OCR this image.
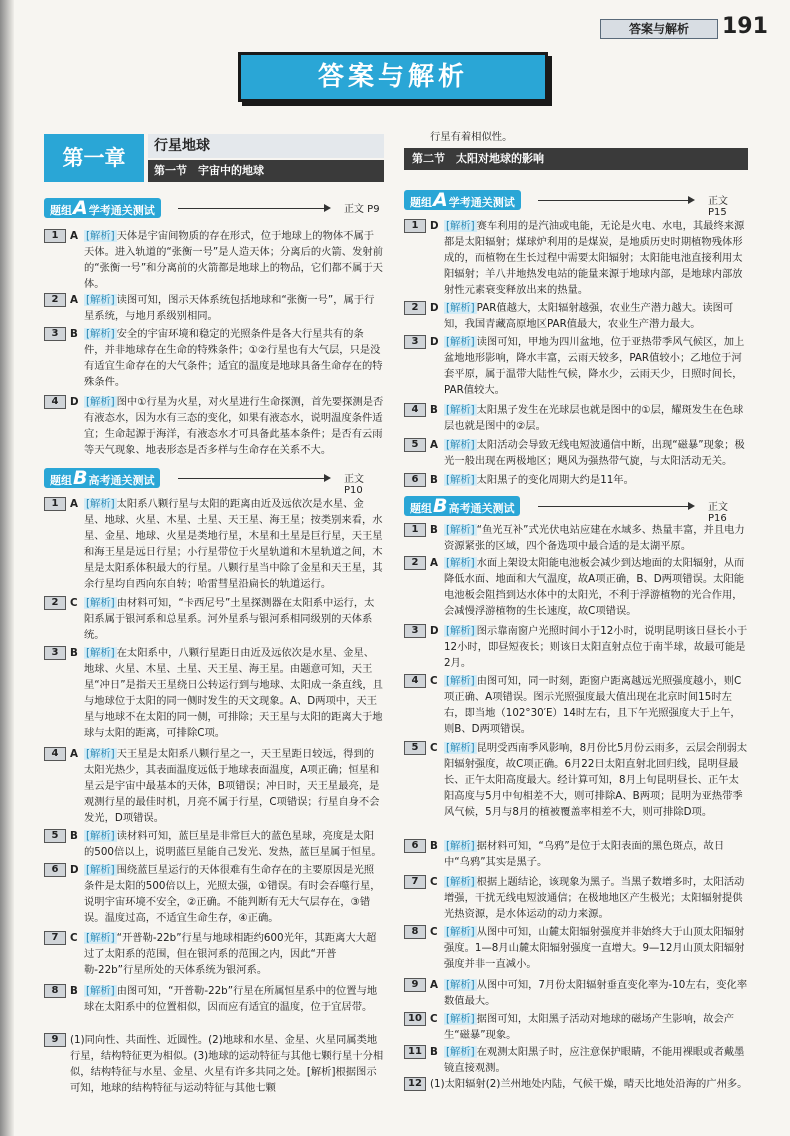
答案与解析	191
答案与解析
第一章	行星地球
第一节　宇宙中的地球
第二节　太阳对地球的影响
题组A学考通关测试	正文 P9
题组B高考通关测试	正文 P10
题组A学考通关测试	正文 P15
题组B高考通关测试	正文 P16
1	A [解析] 天体是宇宙间物质的存在形式，位于地球上的物体不属于天体。进入轨道的“张衡一号”是人造天体；分离后的火箭、发射前的“张衡一号”和分离前的火箭都是地球上的物品，它们都不属于天体。
2	A [解析] 读图可知，图示天体系统包括地球和“张衡一号”，属于行星系统，与地月系级别相同。
3	B [解析] 安全的宇宙环境和稳定的光照条件是各大行星共有的条件，并非地球存在生命的特殊条件；①②行星也有大气层，只是没有适宜生命存在的大气条件；适宜的温度是地球具备生命存在的特殊条件。
4	D [解析] 图中①行星为火星，对火星进行生命探测，首先要探测是否有液态水，因为水有三态的变化，如果有液态水，说明温度条件适宜；生命起源于海洋，有液态水才可具备此基本条件；是否有云雨等天气现象、地表形态是否多样与生命存在关系不大。
1	A [解析] 太阳系八颗行星与太阳的距离由近及远依次是水星、金星、地球、火星、木星、土星、天王星、海王星；按类别来看，水星、金星、地球、火星是类地行星，木星和土星是巨行星，天王星和海王星是远日行星；小行星带位于火星轨道和木星轨道之间，木星是太阳系体积最大的行星。八颗行星当中除了金星和天王星，其余行星均自西向东自转；哈雷彗星沿扁长的轨道运行。
2	C [解析] 由材料可知，“卡西尼号”土星探测器在太阳系中运行，太阳系属于银河系和总星系。河外星系与银河系相同级别的天体系统。
3	B [解析] 在太阳系中，八颗行星距日由近及远依次是水星、金星、地球、火星、木星、土星、天王星、海王星。由题意可知，天王星“冲日”是指天王星绕日公转运行到与地球、太阳成一条直线，且与地球位于太阳的同一侧时发生的天文现象。A、D两项中，天王星与地球不在太阳的同一侧，可排除；天王星与太阳的距离大于地球与太阳的距离，可排除C项。
4	A [解析] 天王星是太阳系八颗行星之一，天王星距日较远，得到的太阳光热少，其表面温度远低于地球表面温度，A项正确；恒星和星云是宇宙中最基本的天体，B项错误；冲日时，天王星最亮，是观测行星的最佳时机，月亮不属于行星，C项错误；行星自身不会发光，D项错误。
5	B [解析] 读材料可知，蓝巨星是非常巨大的蓝色星球，亮度是太阳的500倍以上，说明蓝巨星能自己发光、发热，蓝巨星属于恒星。
6	D [解析] 围绕蓝巨星运行的天体很难有生命存在的主要原因是光照条件是太阳的500倍以上，光照太强，①错误。有时会吞噬行星，说明宇宙环境不安全，②正确。不能判断有无大气层存在，③错误。温度过高，不适宜生命生存，④正确。
7	C [解析] “开普勒-22b”行星与地球相距约600光年，其距离大大超过了太阳系的范围，但在银河系的范围之内，因此“开普勒-22b”行星所处的天体系统为银河系。
8	B [解析] 由图可知，“开普勒-22b”行星在所属恒星系中的位置与地球在太阳系中的位置相似，因而应有适宜的温度，位于宜居带。
9	(1)同向性、共面性、近圆性。(2)地球和水星、金星、火星同属类地行星，结构特征更为相似。(3)地球的运动特征与其他七颗行星十分相似，结构特征与水星、金星、火星有许多共同之处。[解析]根据图示可知，地球的结构特征与运动特征与其他七颗
1	D [解析] 赛车利用的是汽油或电能，无论是火电、水电，其最终来源都是太阳辐射；煤球炉利用的是煤炭，是地质历史时期植物残体形成的，而植物在生长过程中需要太阳辐射；太阳能电池直接利用太阳辐射；羊八井地热发电站的能量来源于地球内部，是地球内部放射性元素衰变释放出来的热量。
2	D [解析] PAR值越大，太阳辐射越强，农业生产潜力越大。读图可知，我国青藏高原地区PAR值最大，农业生产潜力最大。
3	D [解析] 读图可知，甲地为四川盆地，位于亚热带季风气候区，加上盆地地形影响，降水丰富，云雨天较多，PAR值较小；乙地位于河套平原，属于温带大陆性气候，降水少，云雨天少，日照时间长，PAR值较大。
4	B [解析] 太阳黑子发生在光球层也就是图中的①层，耀斑发生在色球层也就是图中的②层。
5	A [解析] 太阳活动会导致无线电短波通信中断，出现“磁暴”现象；极光一般出现在两极地区；飓风为强热带气旋，与太阳活动无关。
6	B [解析] 太阳黑子的变化周期大约是11年。
1	B [解析] “鱼光互补”式光伏电站应建在水域多、热量丰富，并且电力资源紧张的区域，四个备选项中最合适的是太湖平原。
2	A [解析] 水面上架设太阳能电池板会减少到达地面的太阳辐射，从而降低水面、地面和大气温度，故A项正确，B、D两项错误。太阳能电池板会阻挡到达水体中的太阳光，不利于浮游植物的光合作用，会减慢浮游植物的生长速度，故C项错误。
3	D [解析] 图示靠南窗户光照时间小于12小时，说明昆明该日昼长小于12小时，即昼短夜长；则该日太阳直射点位于南半球，故最可能是2月。
4	C [解析] 由图可知，同一时刻，距窗户距离越远光照强度越小，则C项正确、A项错误。图示光照强度最大值出现在北京时间15时左右，即当地（102°30′E）14时左右，且下午光照强度大于上午，则B、D两项错误。
5	C [解析] 昆明受西南季风影响，8月份比5月份云雨多，云层会削弱太阳辐射强度，故C项正确。6月22日太阳直射北回归线，昆明昼最长、正午太阳高度最大。经计算可知，8月上旬昆明昼长、正午太阳高度与5月中旬相差不大，则可排除A、B两项；昆明为亚热带季风气候，5月与8月的植被覆盖率相差不大，则可排除D项。
6	B [解析] 据材料可知，“乌鸦”是位于太阳表面的黑色斑点，故日中“乌鸦”其实是黑子。
7	C [解析] 根据上题结论，该现象为黑子。当黑子数增多时，太阳活动增强，干扰无线电短波通信；在极地地区产生极光；太阳辐射提供光热资源，是水体运动的动力来源。
8	C [解析] 从图中可知，山麓太阳辐射强度并非始终大于山顶太阳辐射强度。1—8月山麓太阳辐射强度一直增大。9—12月山顶太阳辐射强度并非一直减小。
9	A [解析] 从图中可知，7月份太阳辐射垂直变化率为-10左右，变化率数值最大。
10 C [解析] 据图可知，太阳黑子活动对地球的磁场产生影响，故会产生“磁暴”现象。
11 B [解析] 在观测太阳黑子时，应注意保护眼睛，不能用裸眼或者戴墨镜直接观测。
12 (1)太阳辐射(2)兰州地处内陆，气候干燥，晴天比地处沿海的广州多。
行星有着相似性。
